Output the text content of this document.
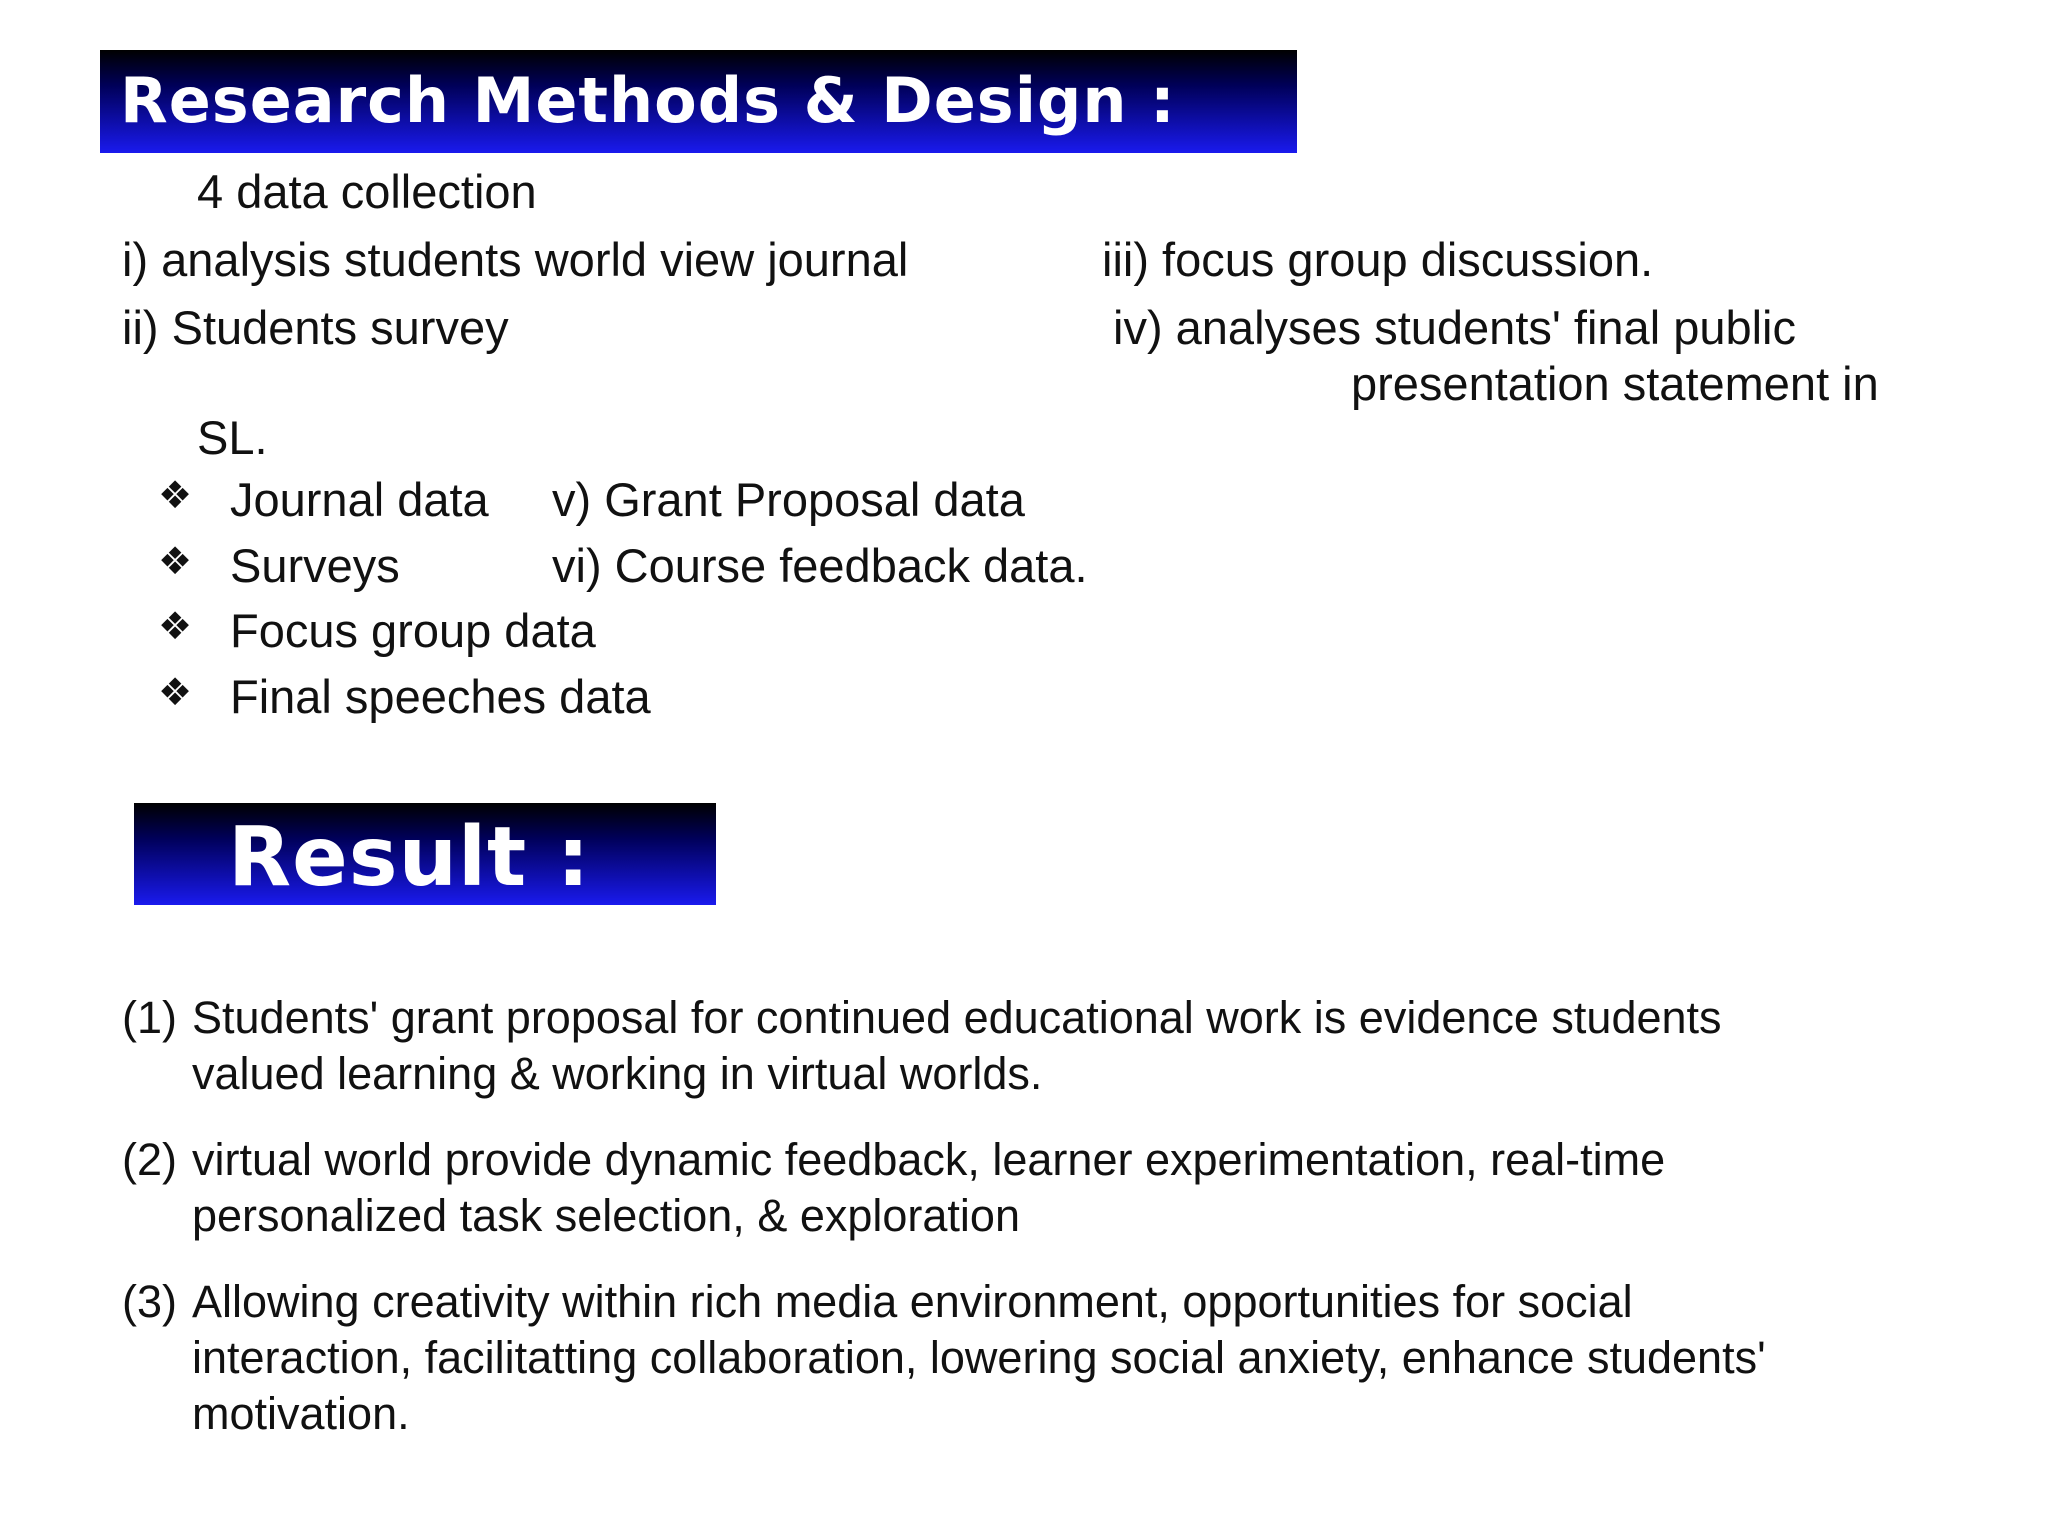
Research Methods & Design :
4 data collection
i) analysis students world view journal
ii) Students survey
iii) focus group discussion.
iv) analyses students' final public
presentation statement in
SL.
❖ Journal data v) Grant Proposal data
❖ Surveys	vi) Course feedback data.
❖ Focus group data
❖ Final speeches data
Result :
(1) Students' grant proposal for continued educational work is evidence students
valued learning & working in virtual worlds.
(2) virtual world provide dynamic feedback, learner experimentation, real-time
personalized task selection, & exploration
(3) Allowing creativity within rich media environment, opportunities for social
interaction, facilitatting collaboration, lowering social anxiety, enhance students'
motivation.
